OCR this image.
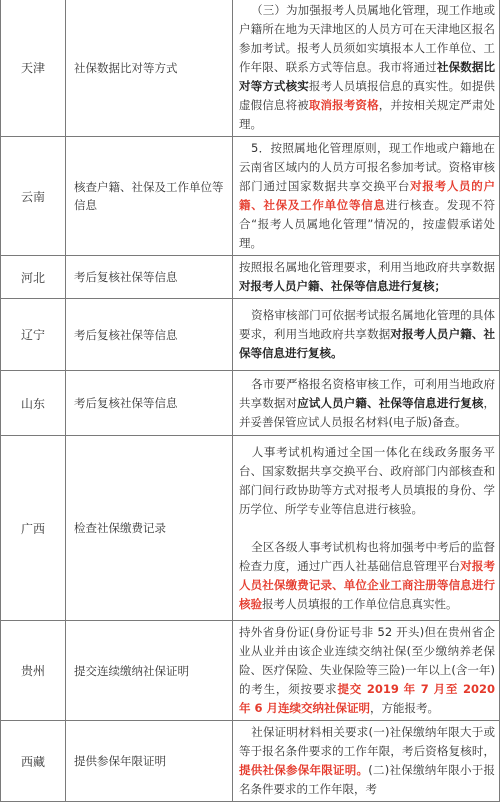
天津	社保数据比对等方式	（三）为加强报考人员属地化管理，现工作地或户籍所在地为天津地区的人员方可在天津地区报名参加考试。报考人员须如实填报本人工作单位、工作年限、联系方式等信息。我市将通过社保数据比对等方式核实报考人员填报信息的真实性。如提供虚假信息将被取消报考资格，并按相关规定严肃处理。
云南	核查户籍、社保及工作单位等信息	5．按照属地化管理原则，现工作地或户籍地在云南省区域内的人员方可报名参加考试。资格审核部门通过国家数据共享交换平台对报考人员的户籍、社保及工作单位等信息进行核查。发现不符合“报考人员属地化管理”情况的，按虚假承诺处理。
河北	考后复核社保等信息	按照报名属地化管理要求，利用当地政府共享数据对报考人员户籍、社保等信息进行复核；
辽宁	考后复核社保等信息	资格审核部门可依据考试报名属地化管理的具体要求，利用当地政府共享数据对报考人员户籍、社保等信息进行复核。
山东	考后复核社保等信息	各市要严格报名资格审核工作，可利用当地政府共享数据对应试人员户籍、社保等信息进行复核，并妥善保管应试人员报名材料(电子版)备查。
广西	检查社保缴费记录	人事考试机构通过全国一体化在线政务服务平台、国家数据共享交换平台、政府部门内部核查和部门间行政协助等方式对报考人员填报的身份、学历学位、所学专业等信息进行核验。
全区各级人事考试机构也将加强考中考后的监督检查力度，通过广西人社基础信息管理平台对报考人员社保缴费记录、单位企业工商注册等信息进行核验报考人员填报的工作单位信息真实性。
贵州	提交连续缴纳社保证明	持外省身份证(身份证号非 52 开头)但在贵州省企业从业并由该企业连续交纳社保(至少缴纳养老保险、医疗保险、失业保险等三险)一年以上(含一年)的考生，须按要求提交 2019 年 7 月至 2020 年 6 月连续交纳社保证明，方能报考。
西藏	提供参保年限证明	社保证明材料相关要求(一)社保缴纳年限大于或等于报名条件要求的工作年限，考后资格复核时，提供社保参保年限证明。(二)社保缴纳年限小于报名条件要求的工作年限，考
